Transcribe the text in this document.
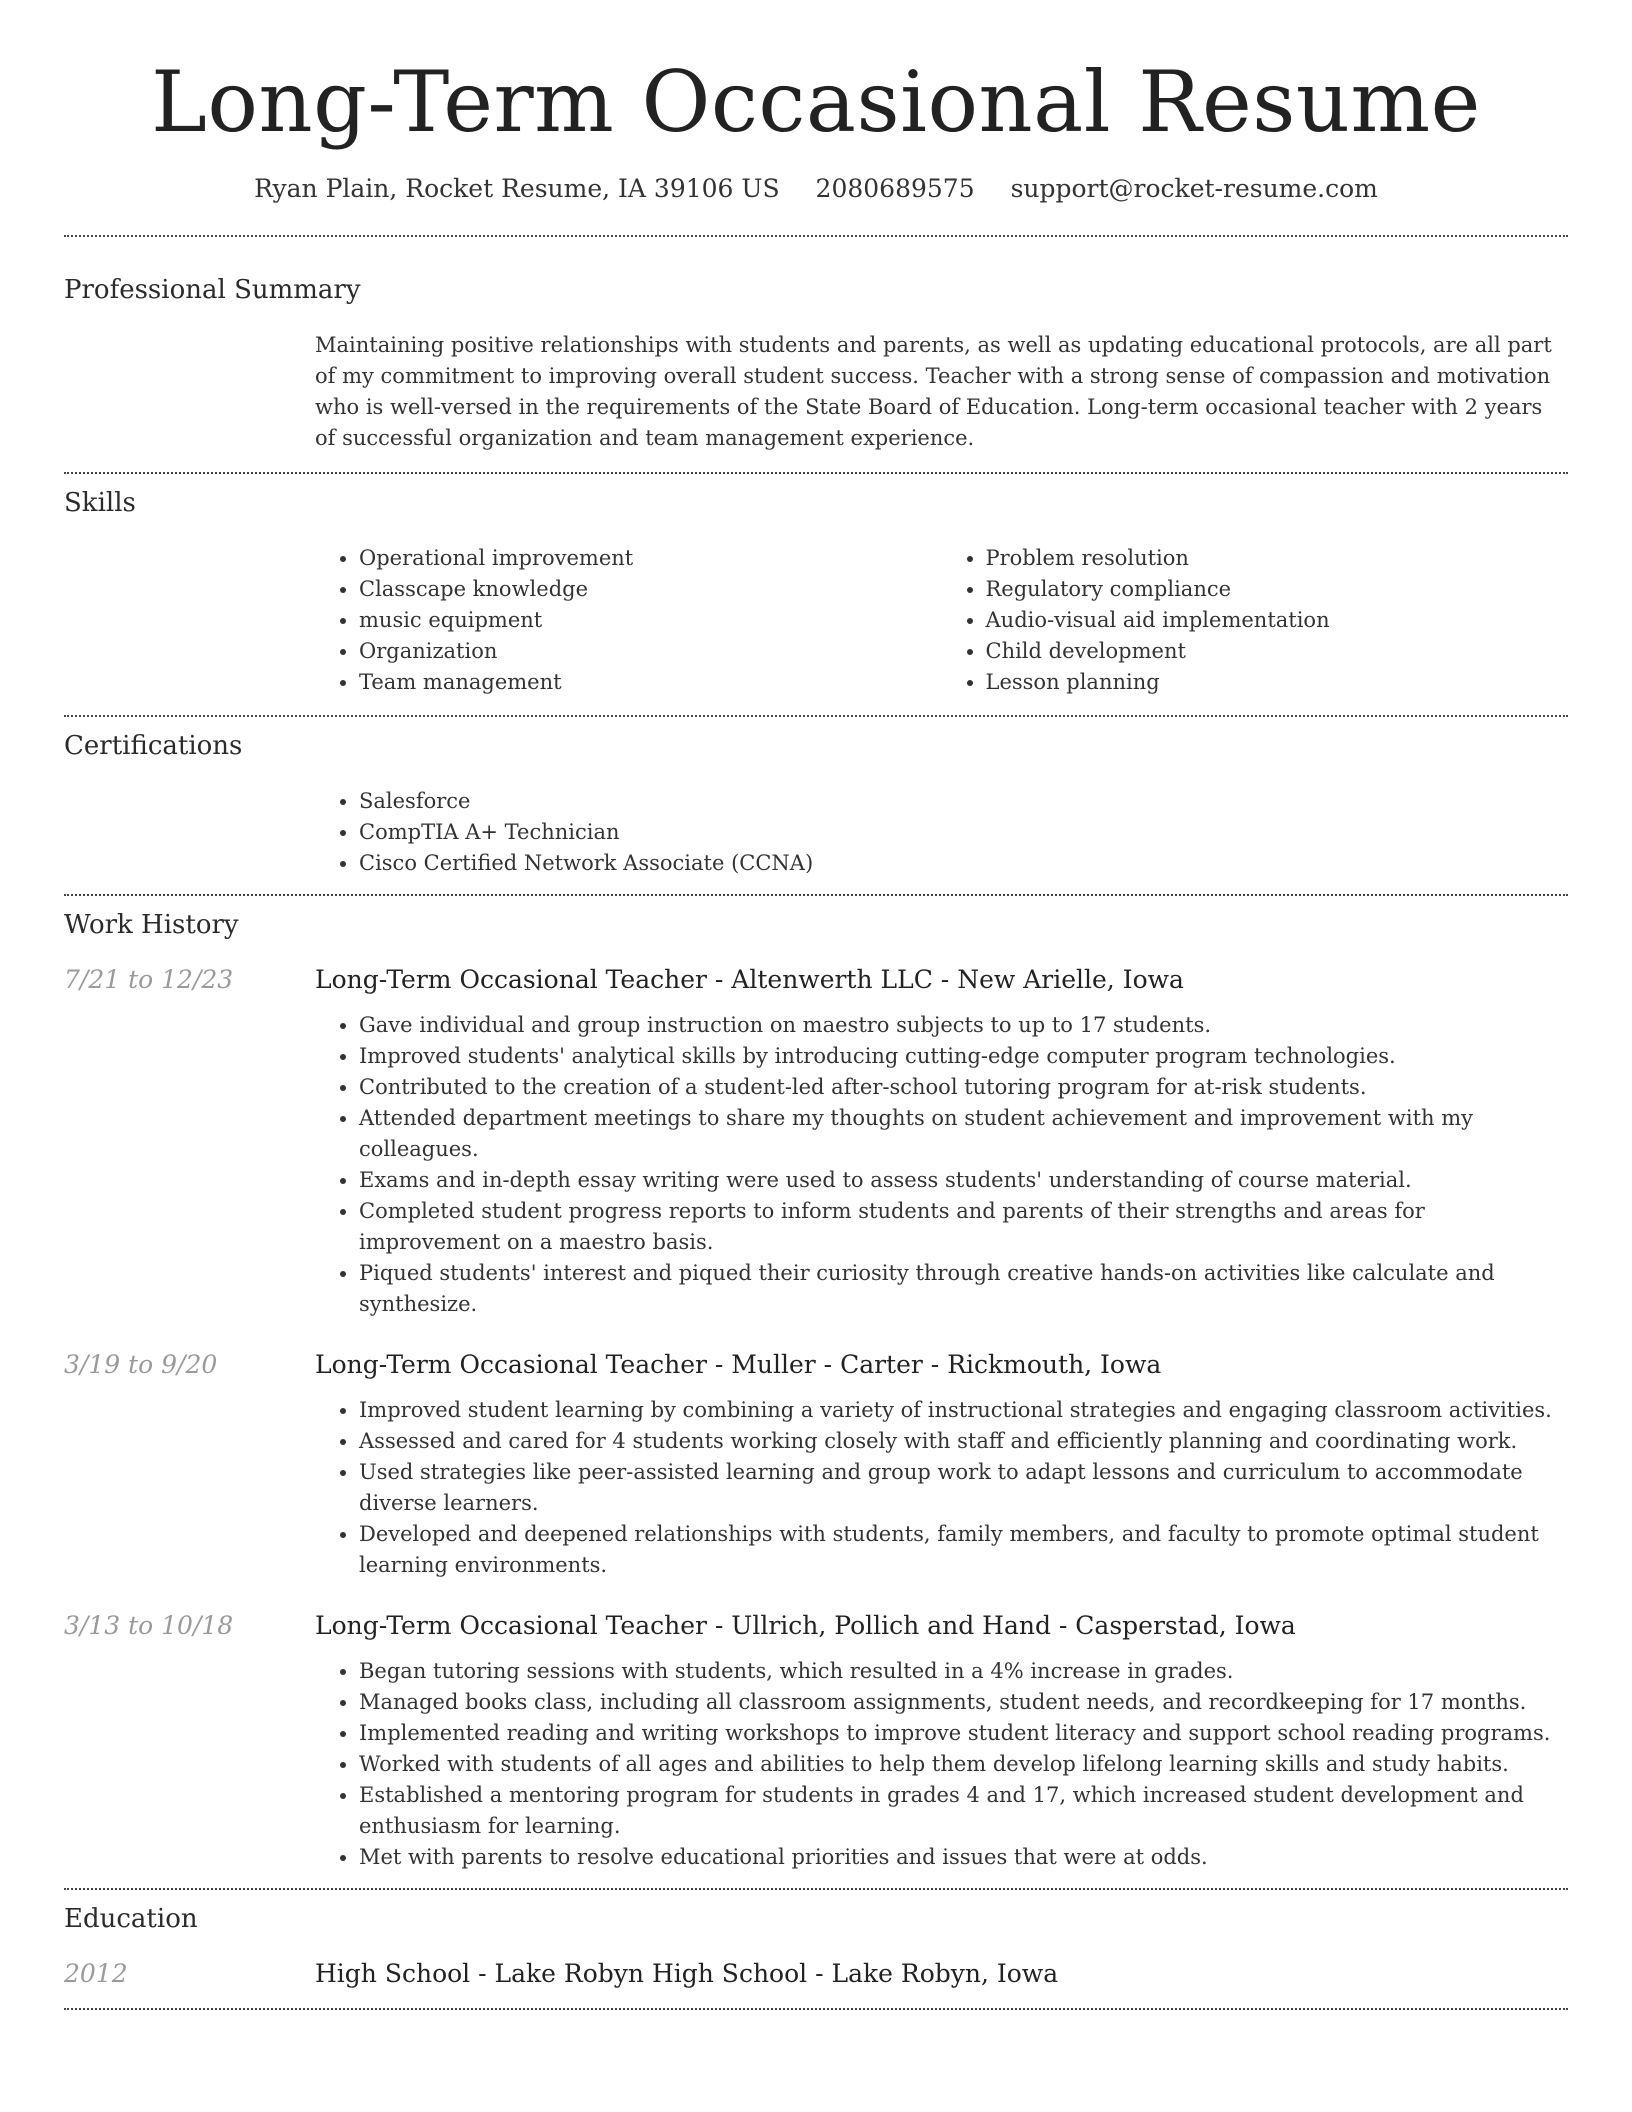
Long-Term Occasional Resume
Ryan Plain, Rocket Resume, IA 39106 US 2080689575 support@rocket-resume.com
Professional Summary

Maintaining positive relationships with students and parents, as well as updating educational protocols, are all part of my commitment to improving overall student success. Teacher with a strong sense of compassion and motivation who is well-versed in the requirements of the State Board of Education. Long-term occasional teacher with 2 years of successful organization and team management experience.

Skills
• Operational improvement
• Classcape knowledge
• music equipment
• Organization
• Team management
• Problem resolution
• Regulatory compliance
• Audio-visual aid implementation
• Child development
• Lesson planning
Certifications
• Salesforce
• CompTIA A+ Technician
• Cisco Certified Network Associate (CCNA)
Work History
7/21 to 12/23	Long-Term Occasional Teacher - Altenwerth LLC - New Arielle, Iowa
• Gave individual and group instruction on maestro subjects to up to 17 students.
• Improved students' analytical skills by introducing cutting-edge computer program technologies.
• Contributed to the creation of a student-led after-school tutoring program for at-risk students.
• Attended department meetings to share my thoughts on student achievement and improvement with my colleagues.
• Exams and in-depth essay writing were used to assess students' understanding of course material.
• Completed student progress reports to inform students and parents of their strengths and areas for improvement on a maestro basis.
• Piqued students' interest and piqued their curiosity through creative hands-on activities like calculate and synthesize.
3/19 to 9/20	Long-Term Occasional Teacher - Muller - Carter - Rickmouth, Iowa
• Improved student learning by combining a variety of instructional strategies and engaging classroom activities.
• Assessed and cared for 4 students working closely with staff and efficiently planning and coordinating work.
• Used strategies like peer-assisted learning and group work to adapt lessons and curriculum to accommodate diverse learners.
• Developed and deepened relationships with students, family members, and faculty to promote optimal student learning environments.
3/13 to 10/18	Long-Term Occasional Teacher - Ullrich, Pollich and Hand - Casperstad, Iowa
• Began tutoring sessions with students, which resulted in a 4% increase in grades.
• Managed books class, including all classroom assignments, student needs, and recordkeeping for 17 months.
• Implemented reading and writing workshops to improve student literacy and support school reading programs.
• Worked with students of all ages and abilities to help them develop lifelong learning skills and study habits.
• Established a mentoring program for students in grades 4 and 17, which increased student development and enthusiasm for learning.
• Met with parents to resolve educational priorities and issues that were at odds.
Education
2012	High School - Lake Robyn High School - Lake Robyn, Iowa
